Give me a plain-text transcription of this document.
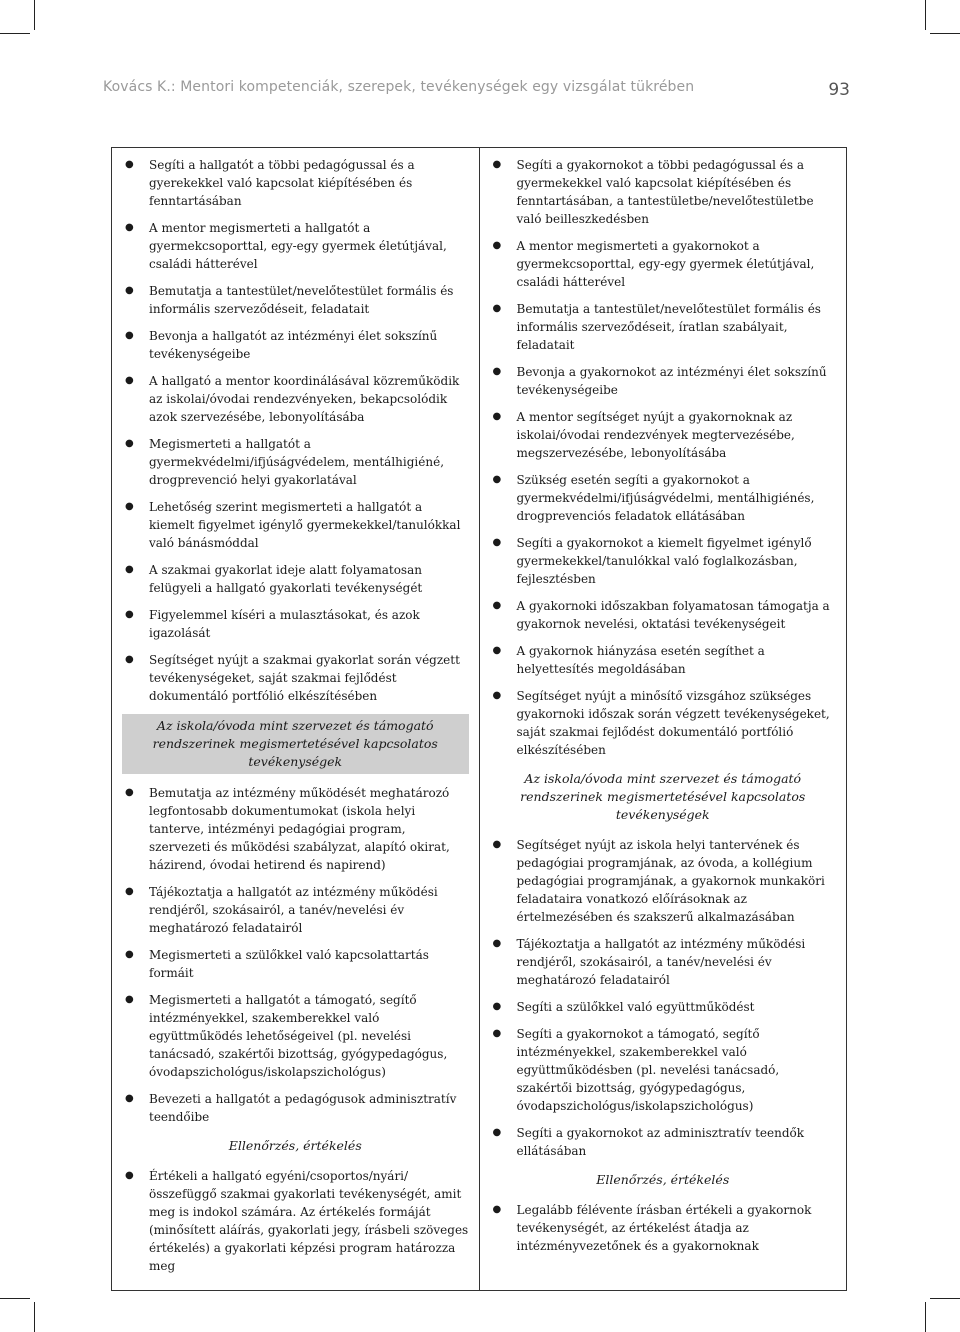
Kovács K.: Mentori kompetenciák, szerepek, tevékenységek egy vizsgálat tükrében	93
● Segíti a hallgatót a többi pedagógussal és a gyerekekkel való kapcsolat kiépítésében és fenntartásában
● A mentor megismerteti a hallgatót a gyermekcsoporttal, egy-egy gyermek életútjával, családi hátterével
● Bemutatja a tantestület/nevelőtestület formális és informális szerveződéseit, feladatait
● Bevonja a hallgatót az intézményi élet sokszínű tevékenységeibe
● A hallgató a mentor koordinálásával közreműködik az iskolai/óvodai rendezvényeken, bekapcsolódik azok szervezésébe, lebonyolításába
● Megismerteti a hallgatót a gyermekvédelmi/ifjúságvédelem, mentálhigiéné, drogprevenció helyi gyakorlatával
● Lehetőség szerint megismerteti a hallgatót a kiemelt figyelmet igénylő gyermekekkel/tanulókkal való bánásmóddal
● A szakmai gyakorlat ideje alatt folyamatosan felügyeli a hallgató gyakorlati tevékenységét
● Figyelemmel kíséri a mulasztásokat, és azok igazolását
● Segítséget nyújt a szakmai gyakorlat során végzett tevékenységeket, saját szakmai fejlődést dokumentáló portfólió elkészítésében
Az iskola/óvoda mint szervezet és támogató rendszerinek megismertetésével kapcsolatos tevékenységek
● Bemutatja az intézmény működését meghatározó legfontosabb dokumentumokat (iskola helyi tanterve, intézményi pedagógiai program, szervezeti és működési szabályzat, alapító okirat, házirend, óvodai hetirend és napirend)
● Tájékoztatja a hallgatót az intézmény működési rendjéről, szokásairól, a tanév/nevelési év meghatározó feladatairól
● Megismerteti a szülőkkel való kapcsolattartás formáit
● Megismerteti a hallgatót a támogató, segítő intézményekkel, szakemberekkel való együttműködés lehetőségeivel (pl. nevelési tanácsadó, szakértői bizottság, gyógypedagógus, óvodapszichológus/iskolapszichológus)
● Bevezeti a hallgatót a pedagógusok adminisztratív teendőibe
Ellenőrzés, értékelés
● Értékeli a hallgató egyéni/csoportos/nyári/összefüggő szakmai gyakorlati tevékenységét, amit meg is indokol számára. Az értékelés formáját (minősített aláírás, gyakorlati jegy, írásbeli szöveges értékelés) a gyakorlati képzési program határozza meg

● Segíti a gyakornokot a többi pedagógussal és a gyermekekkel való kapcsolat kiépítésében és fenntartásában, a tantestületbe/nevelőtestületbe való beilleszkedésben
● A mentor megismerteti a gyakornokot a gyermekcsoporttal, egy-egy gyermek életútjával, családi hátterével
● Bemutatja a tantestület/nevelőtestület formális és informális szerveződéseit, íratlan szabályait, feladatait
● Bevonja a gyakornokot az intézményi élet sokszínű tevékenységeibe
● A mentor segítséget nyújt a gyakornoknak az iskolai/óvodai rendezvények megtervezésébe, megszervezésébe, lebonyolításába
● Szükség esetén segíti a gyakornokot a gyermekvédelmi/ifjúságvédelmi, mentálhigiénés, drogprevenciós feladatok ellátásában
● Segíti a gyakornokot a kiemelt figyelmet igénylő gyermekekkel/tanulókkal való foglalkozásban, fejlesztésben
● A gyakornoki időszakban folyamatosan támogatja a gyakornok nevelési, oktatási tevékenységeit
● A gyakornok hiányzása esetén segíthet a helyettesítés megoldásában
● Segítséget nyújt a minősítő vizsgához szükséges gyakornoki időszak során végzett tevékenységeket, saját szakmai fejlődést dokumentáló portfólió elkészítésében
Az iskola/óvoda mint szervezet és támogató rendszerinek megismertetésével kapcsolatos tevékenységek
● Segítséget nyújt az iskola helyi tantervének és pedagógiai programjának, az óvoda, a kollégium pedagógiai programjának, a gyakornok munkaköri feladataira vonatkozó előírásoknak az értelmezésében és szakszerű alkalmazásában
● Tájékoztatja a hallgatót az intézmény működési rendjéről, szokásairól, a tanév/nevelési év meghatározó feladatairól
● Segíti a szülőkkel való együttműködést
● Segíti a gyakornokot a támogató, segítő intézményekkel, szakemberekkel való együttműködésben (pl. nevelési tanácsadó, szakértői bizottság, gyógypedagógus, óvodapszichológus/iskolapszichológus)
● Segíti a gyakornokot az adminisztratív teendők ellátásában
Ellenőrzés, értékelés
● Legalább félévente írásban értékeli a gyakornok tevékenységét, az értékelést átadja az intézményvezetőnek és a gyakornoknak
